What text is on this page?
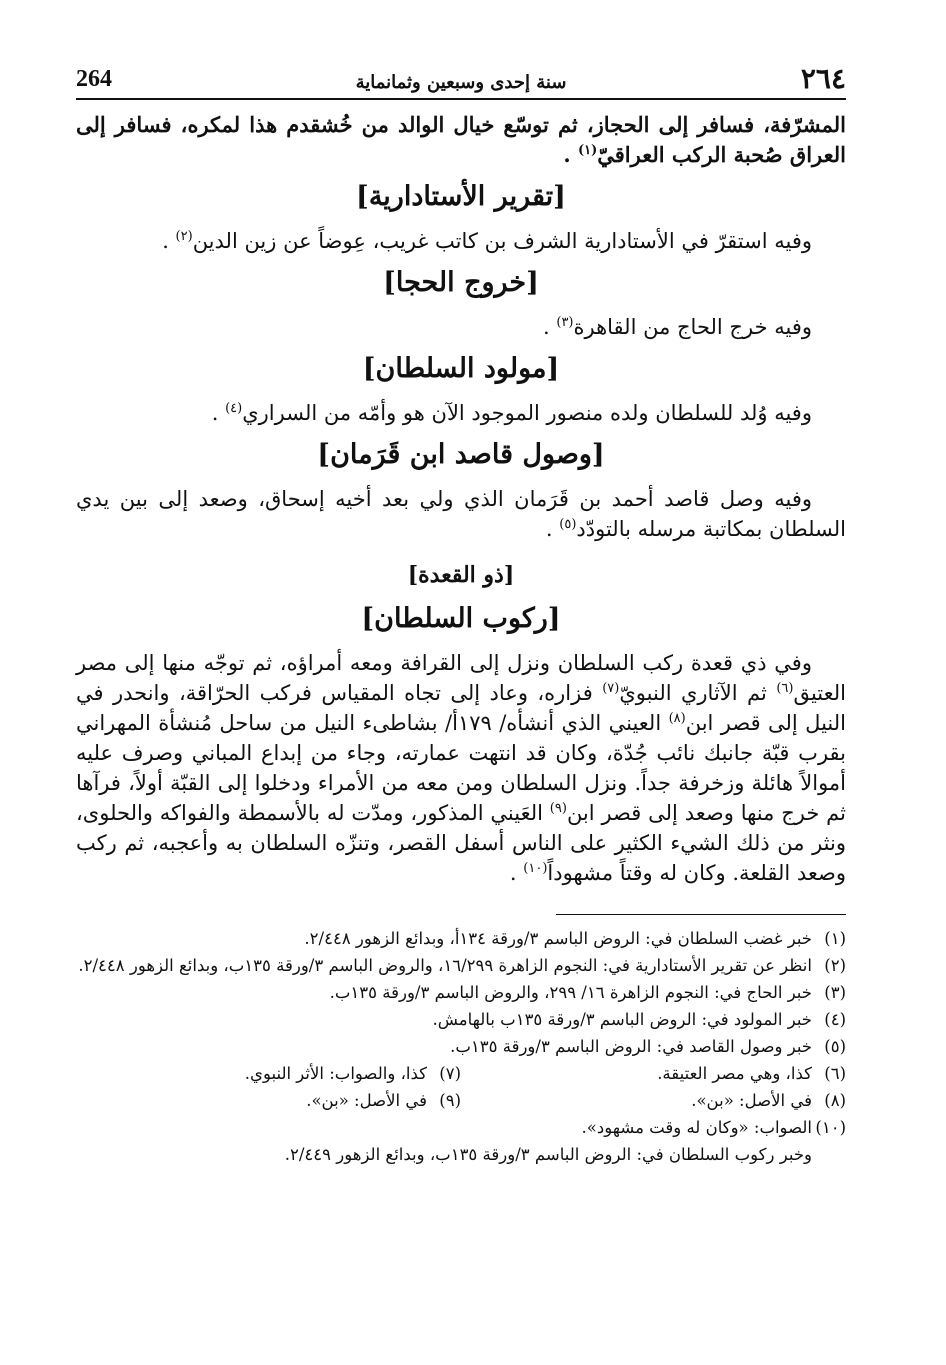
264	سنة إحدى وسبعين وثمانماية	٢٦٤

المشرّفة، فسافر إلى الحجاز، ثم توسّع خيال الوالد من خُشقدم هذا لمكره، فسافر إلى العراق صُحبة الركب العراقيّ$^{(١)}$ .

[تقرير الأستادارية]

وفيه استقرّ في الأستادارية الشرف بن كاتب غريب، عِوضاً عن زين الدين$^{(٢)}$ .

[خروج الحجا]

وفيه خرج الحاج من القاهرة$^{(٣)}$ .

[مولود السلطان]

وفيه وُلد للسلطان ولده منصور الموجود الآن هو وأمّه من السراري$^{(٤)}$ .

[وصول قاصد ابن قَرَمان]

وفيه وصل قاصد أحمد بن قَرَمان الذي ولي بعد أخيه إسحاق، وصعد إلى بين يدي السلطان بمكاتبة مرسله بالتودّد$^{(٥)}$ .

[ذو القعدة]
[ركوب السلطان]

وفي ذي قعدة ركب السلطان ونزل إلى القرافة ومعه أمراؤه، ثم توجّه منها إلى مصر العتيق$^{(٦)}$ ثم الآثاري النبويّ$^{(٧)}$ فزاره، وعاد إلى تجاه المقياس فركب الحرّاقة، وانحدر في النيل إلى قصر ابن$^{(٨)}$ العيني الذي أنشأه/ ١٧٩أ/ بشاطىء النيل من ساحل مُنشأة المهراني بقرب قبّة جانبك نائب جُدّة، وكان قد انتهت عمارته، وجاء من إبداع المباني وصرف عليه أموالاً هائلة وزخرفة جداً. ونزل السلطان ومن معه من الأمراء ودخلوا إلى القبّة أولاً، فرآها ثم خرج منها وصعد إلى قصر ابن$^{(٩)}$ العَيني المذكور، ومدّت له بالأسمطة والفواكه والحلوى، ونثر من ذلك الشيء الكثير على الناس أسفل القصر، وتنزّه السلطان به وأعجبه، ثم ركب وصعد القلعة. وكان له وقتاً مشهوداً$^{(١٠)}$ .

(١)
خبر غضب السلطان في: الروض الباسم ٣/ورقة ١٣٤أ، وبدائع الزهور ٢/٤٤٨.
(٢)
انظر عن تقرير الأستادارية في: النجوم الزاهرة ١٦/٢٩٩، والروض الباسم ٣/ورقة ١٣٥ب، وبدائع الزهور ٢/٤٤٨.
(٣)
خبر الحاج في: النجوم الزاهرة ١٦/ ٢٩٩، والروض الباسم ٣/ورقة ١٣٥ب.
(٤)
خبر المولود في: الروض الباسم ٣/ورقة ١٣٥ب بالهامش.
(٥)
خبر وصول القاصد في: الروض الباسم ٣/ورقة ١٣٥ب.
(٦)
كذا، وهي مصر العتيقة.
(٧)
كذا، والصواب: الأثر النبوي.
(٨)
في الأصل: «بن».
(٩)
في الأصل: «بن».
(١٠)
الصواب: «وكان له وقت مشهود».
وخبر ركوب السلطان في: الروض الباسم ٣/ورقة ١٣٥ب، وبدائع الزهور ٢/٤٤٩.
